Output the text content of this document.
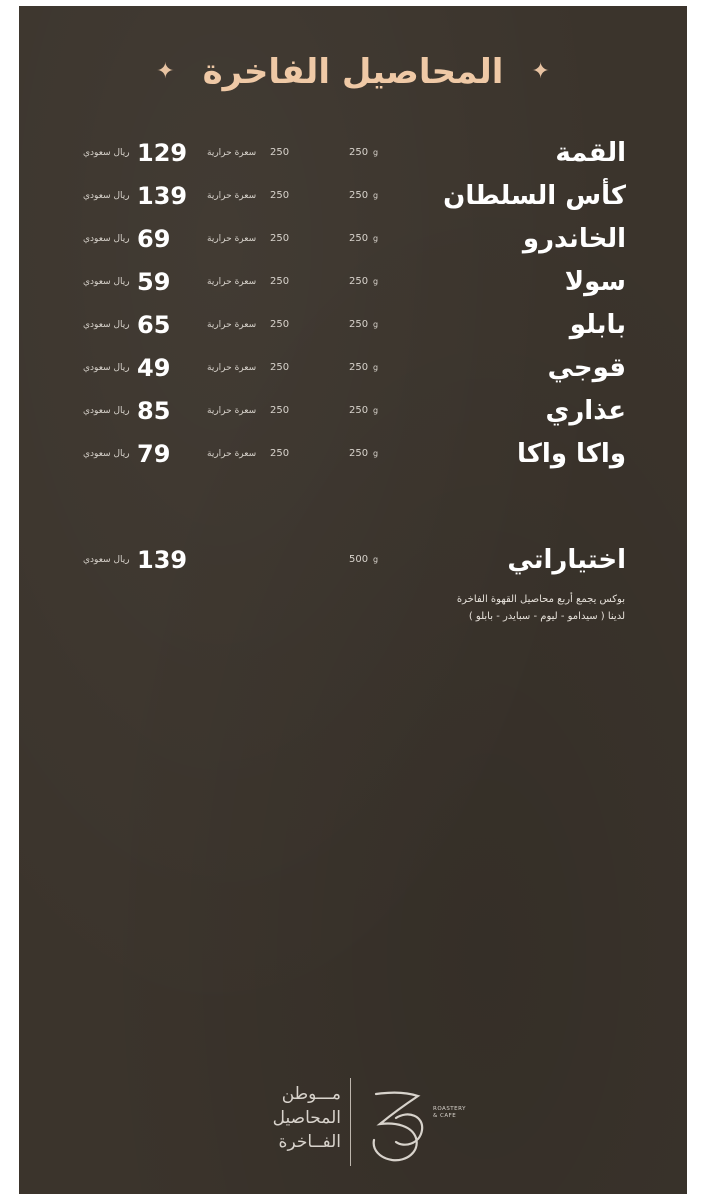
✦ المحاصيل الفاخرة ✦
القمة
g
250
250
سعرة حرارية
129
ريال سعودي
كأس السلطان
g
250
250
سعرة حرارية
139
ريال سعودي
الخاندرو
g
250
250
سعرة حرارية
69
ريال سعودي
سولا
g
250
250
سعرة حرارية
59
ريال سعودي
بابلو
g
250
250
سعرة حرارية
65
ريال سعودي
قوجي
g
250
250
سعرة حرارية
49
ريال سعودي
عذاري
g
250
250
سعرة حرارية
85
ريال سعودي
واكا واكا
g
250
250
سعرة حرارية
79
ريال سعودي
اختياراتي
g
500
139
ريال سعودي
بوكس يجمع أربع محاصيل القهوة الفاخرة
لدينا ( سيدامو - ليوم - سبايدر - بابلو )
مـــوطن
المحاصيل
الفــاخرة
ROASTERY
& CAFE
